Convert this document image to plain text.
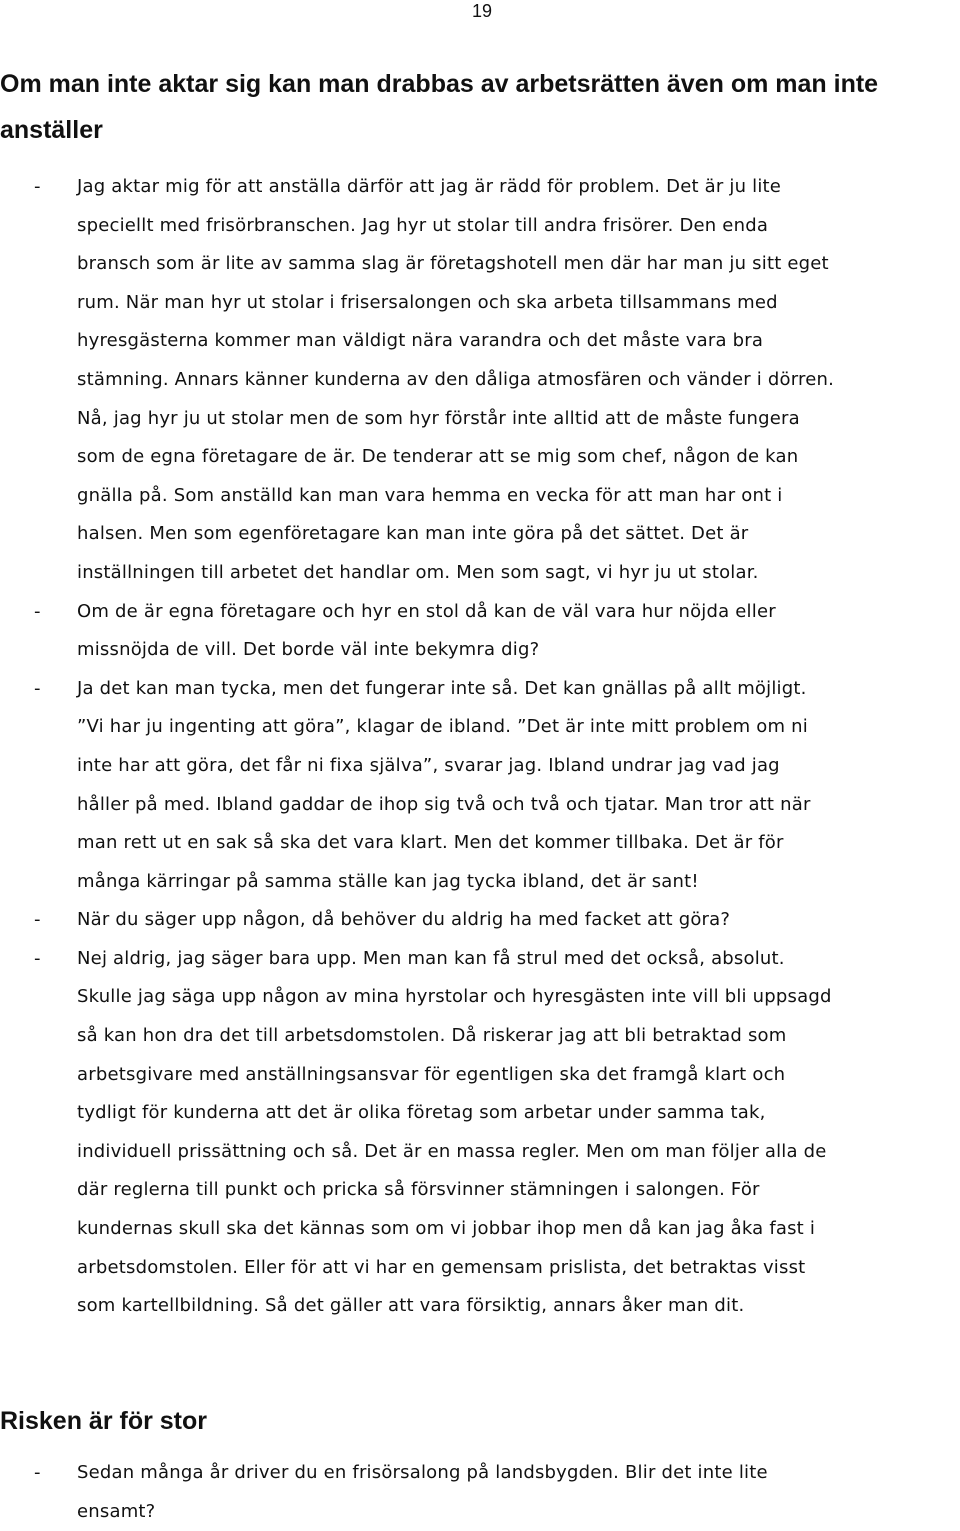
19
Om man inte aktar sig kan man drabbas av arbetsrätten även om man inte anställer
- Jag aktar mig för att anställa därför att jag är rädd för problem. Det är ju lite
speciellt med frisörbranschen. Jag hyr ut stolar till andra frisörer. Den enda
bransch som är lite av samma slag är företagshotell men där har man ju sitt eget
rum. När man hyr ut stolar i frisersalongen och ska arbeta tillsammans med
hyresgästerna kommer man väldigt nära varandra och det måste vara bra
stämning. Annars känner kunderna av den dåliga atmosfären och vänder i dörren.
Nå, jag hyr ju ut stolar men de som hyr förstår inte alltid att de måste fungera
som de egna företagare de är. De tenderar att se mig som chef, någon de kan
gnälla på. Som anställd kan man vara hemma en vecka för att man har ont i
halsen. Men som egenföretagare kan man inte göra på det sättet. Det är
inställningen till arbetet det handlar om. Men som sagt, vi hyr ju ut stolar.
- Om de är egna företagare och hyr en stol då kan de väl vara hur nöjda eller
missnöjda de vill. Det borde väl inte bekymra dig?
- Ja det kan man tycka, men det fungerar inte så. Det kan gnällas på allt möjligt.
”Vi har ju ingenting att göra”, klagar de ibland. ”Det är inte mitt problem om ni
inte har att göra, det får ni fixa själva”, svarar jag. Ibland undrar jag vad jag
håller på med. Ibland gaddar de ihop sig två och två och tjatar. Man tror att när
man rett ut en sak så ska det vara klart. Men det kommer tillbaka. Det är för
många kärringar på samma ställe kan jag tycka ibland, det är sant!
- När du säger upp någon, då behöver du aldrig ha med facket att göra?
- Nej aldrig, jag säger bara upp. Men man kan få strul med det också, absolut.
Skulle jag säga upp någon av mina hyrstolar och hyresgästen inte vill bli uppsagd
så kan hon dra det till arbetsdomstolen. Då riskerar jag att bli betraktad som
arbetsgivare med anställningsansvar för egentligen ska det framgå klart och
tydligt för kunderna att det är olika företag som arbetar under samma tak,
individuell prissättning och så. Det är en massa regler. Men om man följer alla de
där reglerna till punkt och pricka så försvinner stämningen i salongen. För
kundernas skull ska det kännas som om vi jobbar ihop men då kan jag åka fast i
arbetsdomstolen. Eller för att vi har en gemensam prislista, det betraktas visst
som kartellbildning. Så det gäller att vara försiktig, annars åker man dit.
Risken är för stor
- Sedan många år driver du en frisörsalong på landsbygden. Blir det inte lite
ensamt?
